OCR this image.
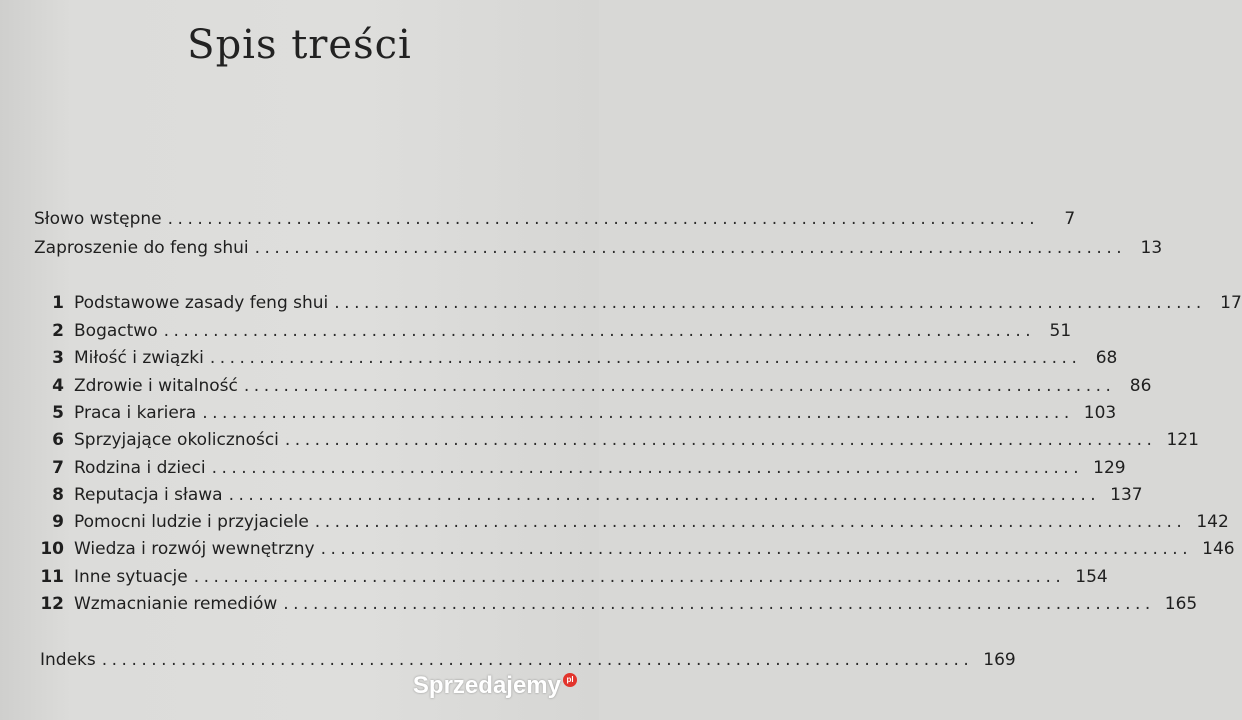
Spis treści
Słowo wstępne ........................................................................................	7
Zaproszenie do feng shui ........................................................................................ 13
1 Podstawowe zasady feng shui ........................................................................................ 17
2 Bogactwo ........................................................................................ 51
3 Miłość i związki ........................................................................................ 68
4 Zdrowie i witalność ........................................................................................ 86
5 Praca i kariera ........................................................................................ 103
6 Sprzyjające okoliczności ........................................................................................ 121
7 Rodzina i dzieci ........................................................................................ 129
8 Reputacja i sława ........................................................................................ 137
9 Pomocni ludzie i przyjaciele ........................................................................................ 142
10 Wiedza i rozwój wewnętrzny ........................................................................................ 146
11 Inne sytuacje ........................................................................................ 154
12 Wzmacnianie remediów ........................................................................................ 165
Indeks ........................................................................................ 169
Sprzedajemy pl
